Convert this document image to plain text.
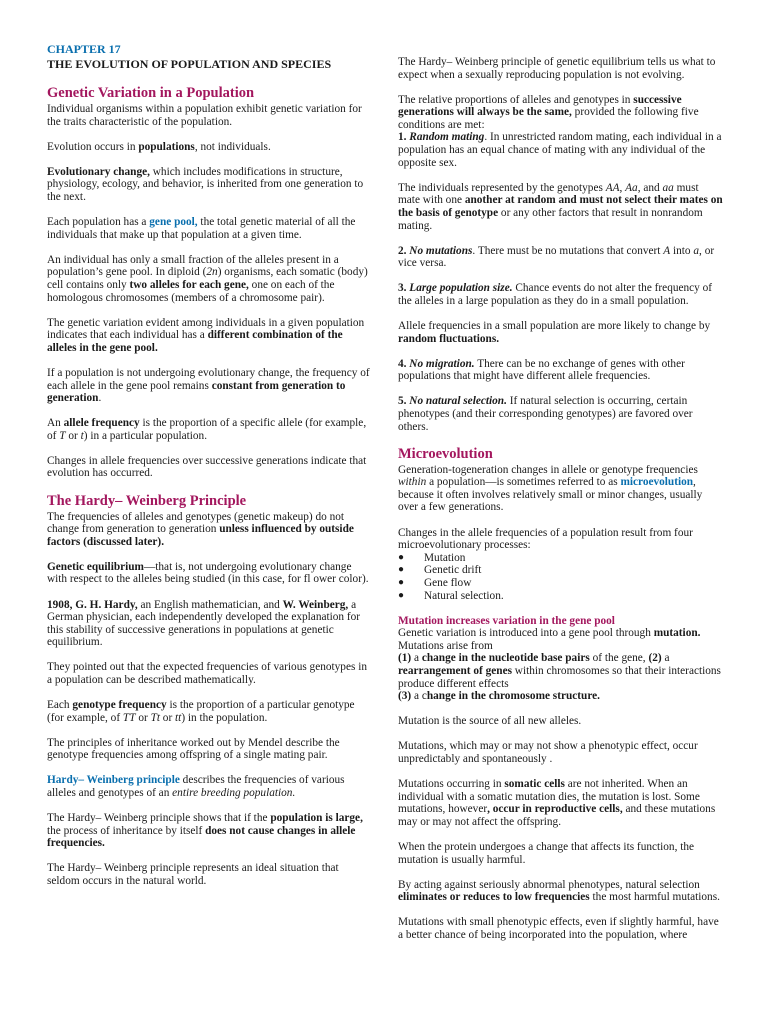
CHAPTER 17
THE EVOLUTION OF POPULATION AND SPECIES
Genetic Variation in a Population

Individual organisms within a population exhibit genetic variation for the traits characteristic of the population.

Evolution occurs in populations, not individuals.

Evolutionary change, which includes modifications in structure, physiology, ecology, and behavior, is inherited from one generation to the next.

Each population has a gene pool, the total genetic material of all the individuals that make up that population at a given time.

An individual has only a small fraction of the alleles present in a population’s gene pool. In diploid (2n) organisms, each somatic (body) cell contains only two alleles for each gene, one on each of the homologous chromosomes (members of a chromosome pair).

The genetic variation evident among individuals in a given population indicates that each individual has a different combination of the alleles in the gene pool.

If a population is not undergoing evolutionary change, the frequency of each allele in the gene pool remains constant from generation to generation.

An allele frequency is the proportion of a specific allele (for example, of T or t) in a particular population.

Changes in allele frequencies over successive generations indicate that evolution has occurred.

The Hardy– Weinberg Principle

The frequencies of alleles and genotypes (genetic makeup) do not change from generation to generation unless influenced by outside factors (discussed later).

Genetic equilibrium—that is, not undergoing evolutionary change with respect to the alleles being studied (in this case, for fl ower color).

1908, G. H. Hardy, an English mathematician, and W. Weinberg, a German physician, each independently developed the explanation for this stability of successive generations in populations at genetic equilibrium.

They pointed out that the expected frequencies of various genotypes in a population can be described mathematically.

Each genotype frequency is the proportion of a particular genotype (for example, of TT or Tt or tt) in the population.

The principles of inheritance worked out by Mendel describe the genotype frequencies among offspring of a single mating pair.

Hardy– Weinberg principle describes the frequencies of various alleles and genotypes of an entire breeding population.

The Hardy– Weinberg principle shows that if the population is large, the process of inheritance by itself does not cause changes in allele frequencies.

The Hardy– Weinberg principle represents an ideal situation that seldom occurs in the natural world.

The Hardy– Weinberg principle of genetic equilibrium tells us what to expect when a sexually reproducing population is not evolving.

The relative proportions of alleles and genotypes in successive generations will always be the same, provided the following five conditions are met:

1. Random mating. In unrestricted random mating, each individual in a population has an equal chance of mating with any individual of the opposite sex.

The individuals represented by the genotypes AA, Aa, and aa must mate with one another at random and must not select their mates on the basis of genotype or any other factors that result in nonrandom mating.

2. No mutations. There must be no mutations that convert A into a, or vice versa.

3. Large population size. Chance events do not alter the frequency of the alleles in a large population as they do in a small population.

Allele frequencies in a small population are more likely to change by random fluctuations.

4. No migration. There can be no exchange of genes with other populations that might have different allele frequencies.

5. No natural selection. If natural selection is occurring, certain phenotypes (and their corresponding genotypes) are favored over others.

Microevolution

Generation-togeneration changes in allele or genotype frequencies within a population—is sometimes referred to as microevolution, because it often involves relatively small or minor changes, usually over a few generations.

Changes in the allele frequencies of a population result from four microevolutionary processes:

● Mutation
● Genetic drift
● Gene flow
● Natural selection.
Mutation increases variation in the gene pool

Genetic variation is introduced into a gene pool through mutation.
Mutations arise from
(1) a change in the nucleotide base pairs of the gene, (2) a rearrangement of genes within chromosomes so that their interactions produce different effects
(3) a change in the chromosome structure.

Mutation is the source of all new alleles.

Mutations, which may or may not show a phenotypic effect, occur unpredictably and spontaneously .

Mutations occurring in somatic cells are not inherited. When an individual with a somatic mutation dies, the mutation is lost. Some mutations, however, occur in reproductive cells, and these mutations may or may not affect the offspring.

When the protein undergoes a change that affects its function, the mutation is usually harmful.

By acting against seriously abnormal phenotypes, natural selection eliminates or reduces to low frequencies the most harmful mutations.

Mutations with small phenotypic effects, even if slightly harmful, have a better chance of being incorporated into the population, where
